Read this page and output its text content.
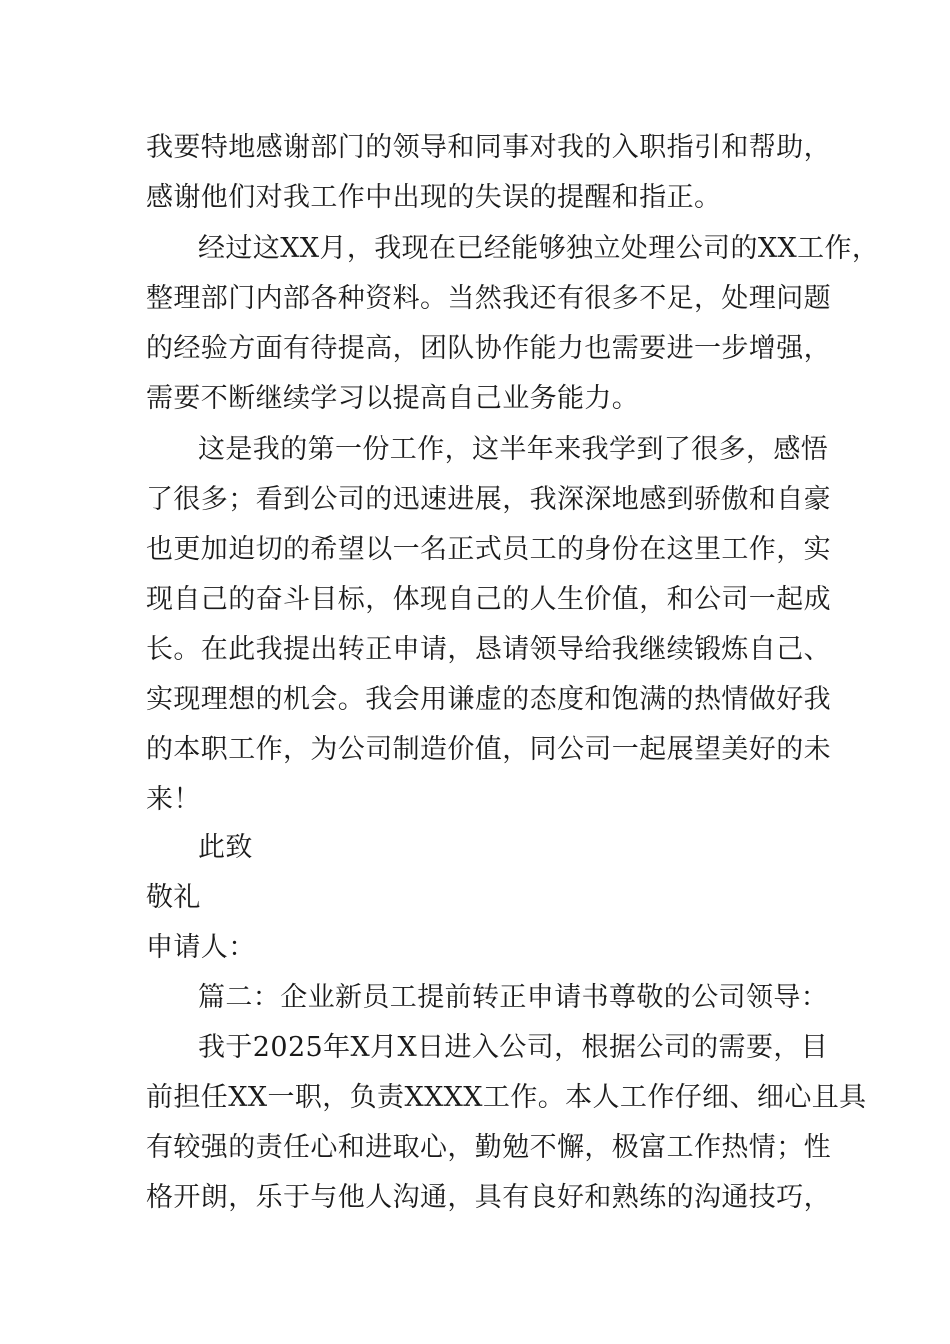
我要特地感谢部门的领导和同事对我的入职指引和帮助，
感谢他们对我工作中出现的失误的提醒和指正。
经过这XX月，我现在已经能够独立处理公司的XX工作，
整理部门内部各种资料。当然我还有很多不足，处理问题
的经验方面有待提高，团队协作能力也需要进一步增强，
需要不断继续学习以提高自己业务能力。
这是我的第一份工作，这半年来我学到了很多，感悟
了很多；看到公司的迅速进展，我深深地感到骄傲和自豪
也更加迫切的希望以一名正式员工的身份在这里工作，实
现自己的奋斗目标，体现自己的人生价值，和公司一起成
长。在此我提出转正申请，恳请领导给我继续锻炼自己、
实现理想的机会。我会用谦虚的态度和饱满的热情做好我
的本职工作，为公司制造价值，同公司一起展望美好的未
来！
此致
敬礼
申请人：
篇二：企业新员工提前转正申请书尊敬的公司领导：
我于2025年X月X日进入公司，根据公司的需要，目
前担任XX一职，负责XXXX工作。本人工作仔细、细心且具
有较强的责任心和进取心，勤勉不懈，极富工作热情；性
格开朗，乐于与他人沟通，具有良好和熟练的沟通技巧，
